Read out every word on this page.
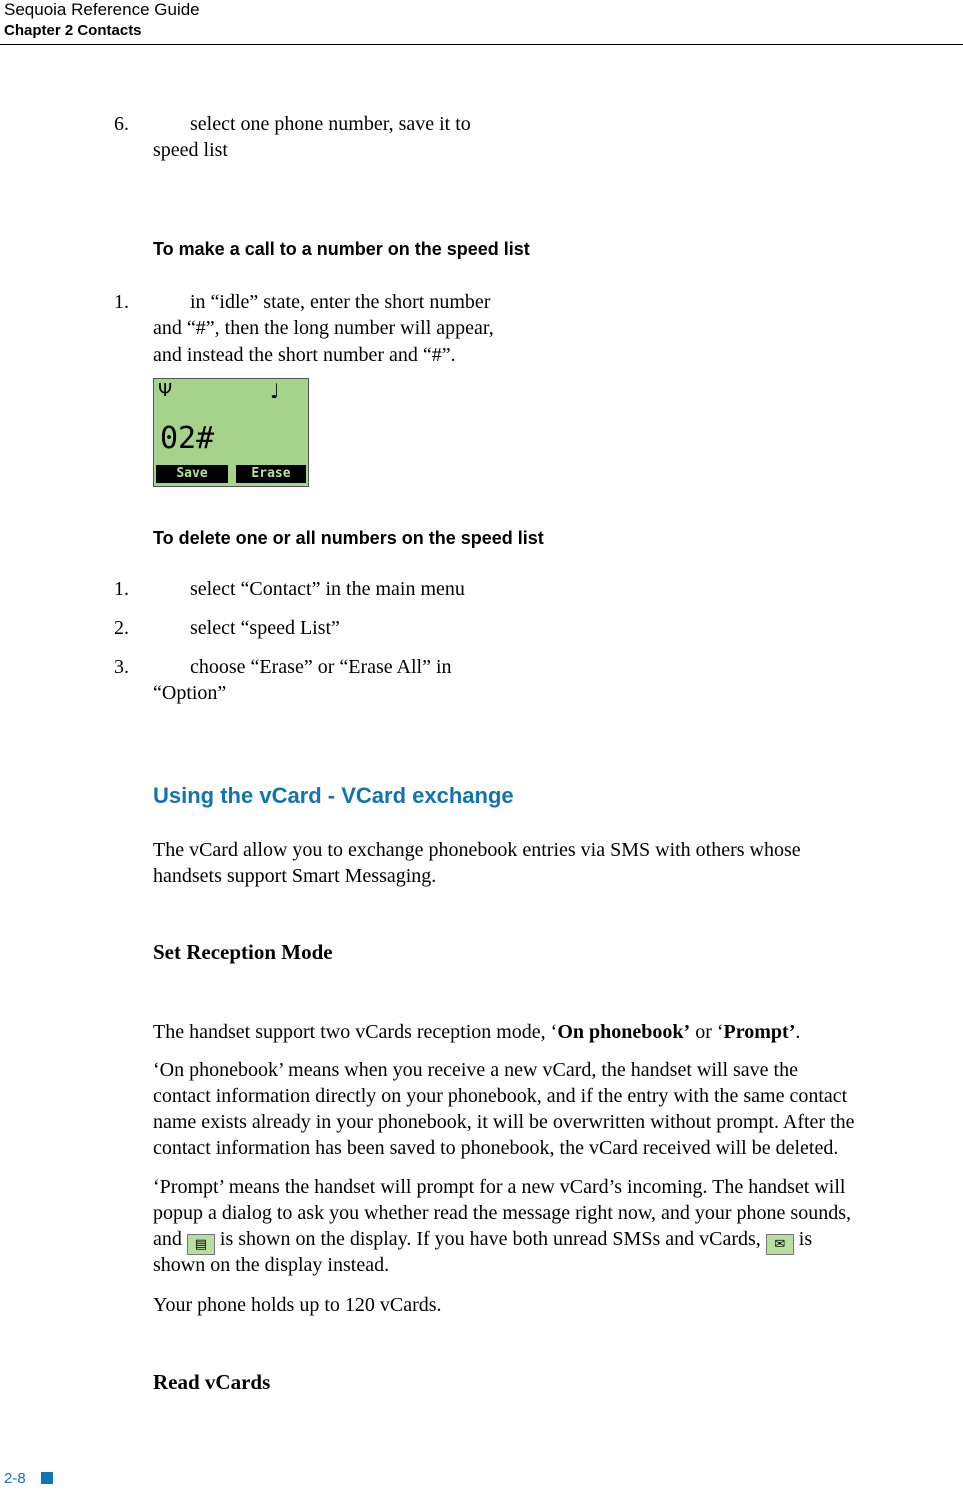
Sequoia Reference Guide
Chapter 2 Contacts
6.	select one phone number, save it to
speed list
To make a call to a number on the speed list
1.	in “idle” state, enter the short number
and “#”, then the long number will appear,
and instead the short number and “#”.
Ψ	♩
02#
Save	Erase
To delete one or all numbers on the speed list
1.	select “Contact” in the main menu
2.	select “speed List”
3.	choose “Erase” or “Erase All” in
“Option”
Using the vCard - VCard exchange
The vCard allow you to exchange phonebook entries via SMS with others whose
handsets support Smart Messaging.
Set Reception Mode
The handset support two vCards reception mode, ‘On phonebook’ or ‘Prompt’.
‘On phonebook’ means when you receive a new vCard, the handset will save the
contact information directly on your phonebook, and if the entry with the same contact
name exists already in your phonebook, it will be overwritten without prompt. After the
contact information has been saved to phonebook, the vCard received will be deleted.
‘Prompt’ means the handset will prompt for a new vCard’s incoming. The handset will
popup a dialog to ask you whether read the message right now, and your phone sounds,
and ▤ is shown on the display. If you have both unread SMSs and vCards, ✉ is
shown on the display instead.
Your phone holds up to 120 vCards.
Read vCards
2-8
